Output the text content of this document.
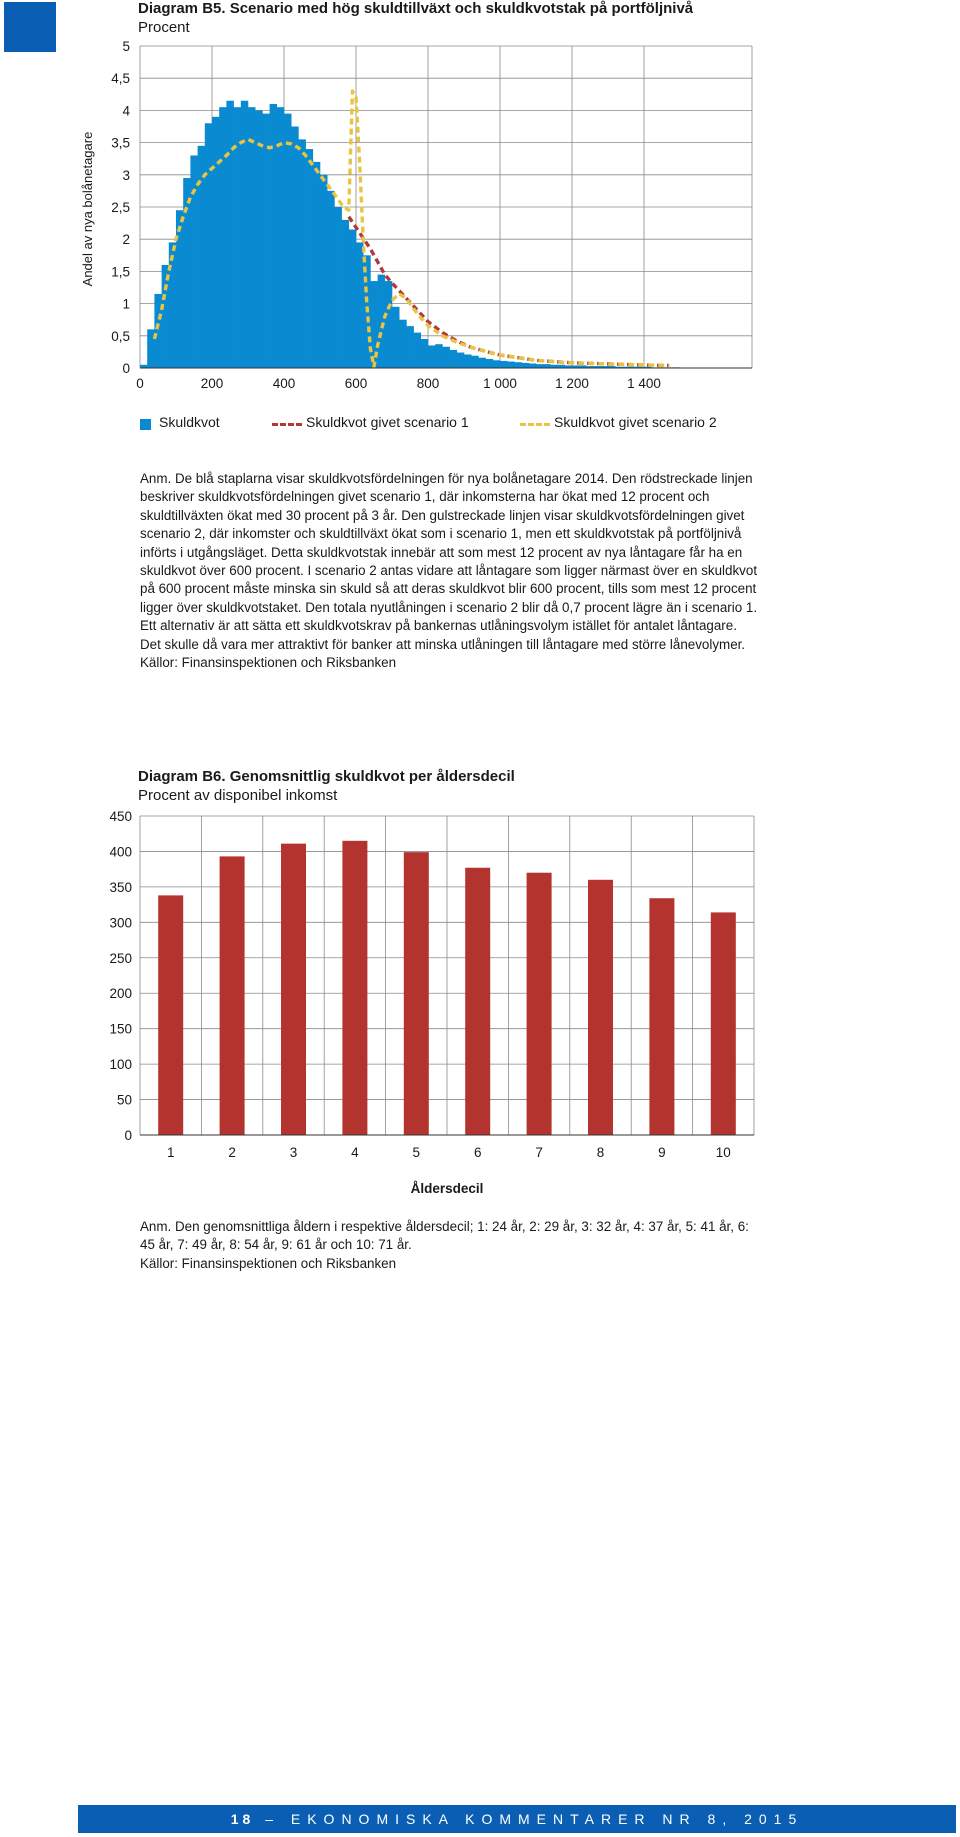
Diagram B5. Scenario med hög skuldtillväxt och skuldkvotstak på portföljnivå
Procent
0
0,5
1
1,5
2
2,5
3
3,5
4
4,5
5
0	200	400	600	800	1 000	1 200	1 400
Andel av nya bolånetagare
Skuldkvot	Skuldkvot givet scenario 1	Skuldkvot givet scenario 2

Anm. De blå staplarna visar skuldkvotsfördelningen för nya bolånetagare 2014. Den rödstreckade linjen beskriver skuldkvotsfördelningen givet scenario 1, där inkomsterna har ökat med 12 procent och skuldtillväxten ökat med 30 procent på 3 år. Den gulstreckade linjen visar skuldkvotsfördelningen givet scenario 2, där inkomster och skuldtillväxt ökat som i scenario 1, men ett skuldkvotstak på portföljnivå införts i utgångsläget. Detta skuldkvotstak innebär att som mest 12 procent av nya låntagare får ha en skuldkvot över 600 procent. I scenario 2 antas vidare att låntagare som ligger närmast över en skuldkvot på 600 procent måste minska sin skuld så att deras skuldkvot blir 600 procent, tills som mest 12 procent ligger över skuldkvotstaket. Den totala nyutlåningen i scenario 2 blir då 0,7 procent lägre än i scenario 1. Ett alternativ är att sätta ett skuldkvotskrav på bankernas utlåningsvolym istället för antalet låntagare. Det skulle då vara mer attraktivt för banker att minska utlåningen till låntagare med större lånevolymer.

Källor: Finansinspektionen och Riksbanken

Diagram B6. Genomsnittlig skuldkvot per åldersdecil
Procent av disponibel inkomst
0
50
100
150
200
250
300
350
400
450
1	2	3	4	5	6	7	8	9	10
Åldersdecil

Anm. Den genomsnittliga åldern i respektive åldersdecil; 1: 24 år, 2: 29 år, 3: 32 år, 4: 37 år, 5: 41 år, 6: 45 år, 7: 49 år, 8: 54 år, 9: 61 år och 10: 71 år.

Källor: Finansinspektionen och Riksbanken

18 – EKONOMISKA KOMMENTARER NR 8, 2015
